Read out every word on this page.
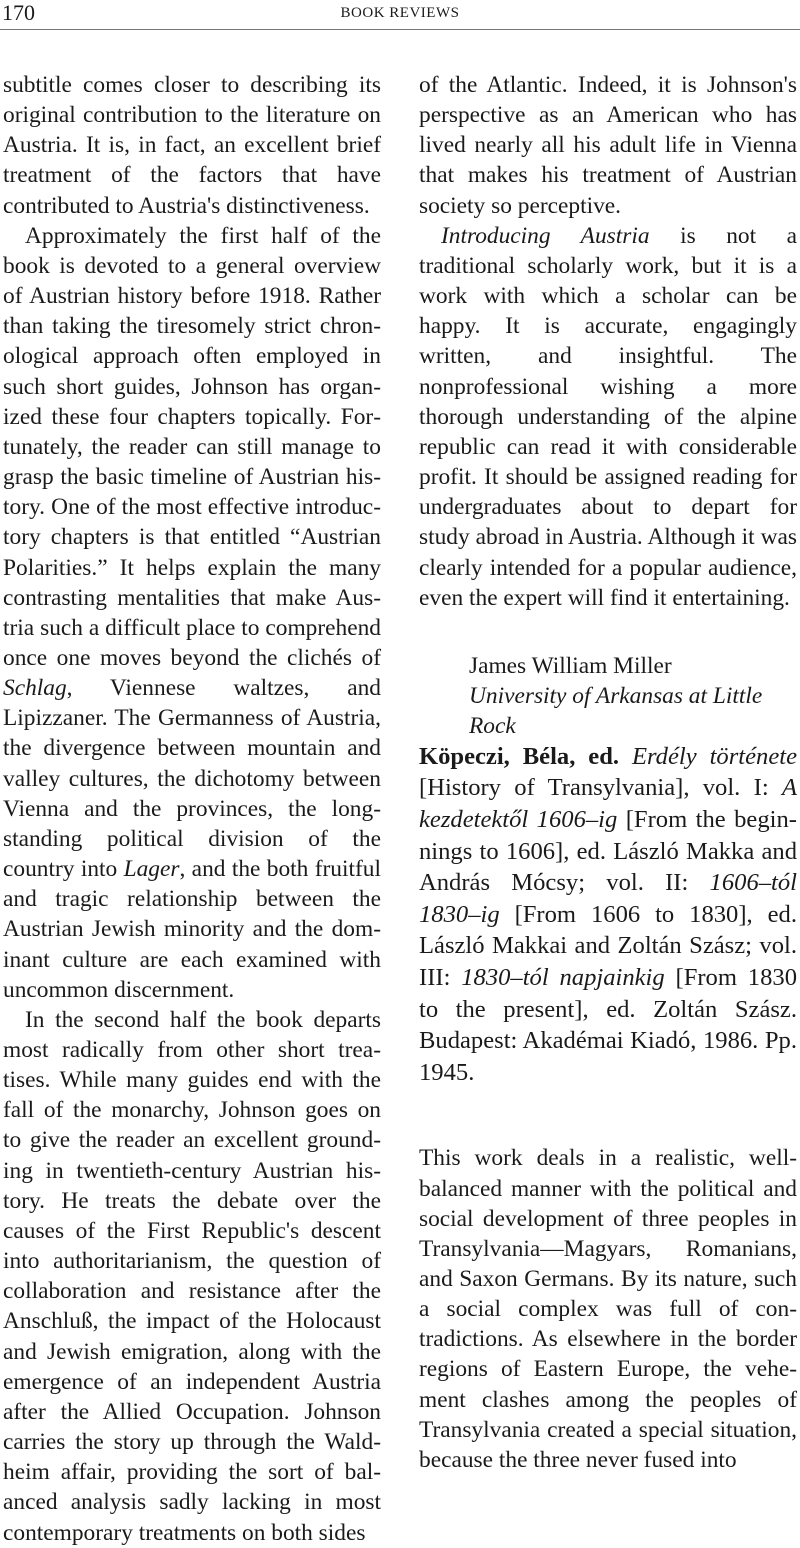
170	BOOK REVIEWS

subtitle comes closer to describing its original contribution to the literature on Austria. It is, in fact, an excellent brief treatment of the factors that have contributed to Austria's distinctiveness.

Approximately the first half of the book is devoted to a general overview of Austrian history before 1918. Rather than taking the tiresomely strict chronological approach often employed in such short guides, Johnson has organized these four chapters topically. Fortunately, the reader can still manage to grasp the basic timeline of Austrian history. One of the most effective introductory chapters is that entitled “Austrian Polarities.” It helps explain the many contrasting mentalities that make Austria such a difficult place to comprehend once one moves beyond the clichés of Schlag, Viennese waltzes, and Lipizzaner. The Germanness of Austria, the divergence between mountain and valley cultures, the dichotomy between Vienna and the provinces, the long-standing political division of the country into Lager, and the both fruitful and tragic relationship between the Austrian Jewish minority and the dominant culture are each examined with uncommon discernment.

In the second half the book departs most radically from other short treatises. While many guides end with the fall of the monarchy, Johnson goes on to give the reader an excellent grounding in twentieth-century Austrian history. He treats the debate over the causes of the First Republic's descent into authoritarianism, the question of collaboration and resistance after the Anschluß, the impact of the Holocaust and Jewish emigration, along with the emergence of an independent Austria after the Allied Occupation. Johnson carries the story up through the Waldheim affair, providing the sort of balanced analysis sadly lacking in most contemporary treatments on both sides

of the Atlantic. Indeed, it is Johnson's perspective as an American who has lived nearly all his adult life in Vienna that makes his treatment of Austrian society so perceptive.

Introducing Austria is not a traditional scholarly work, but it is a work with which a scholar can be happy. It is accurate, engagingly written, and insightful. The nonprofessional wishing a more thorough understanding of the alpine republic can read it with considerable profit. It should be assigned reading for undergraduates about to depart for study abroad in Austria. Although it was clearly intended for a popular audience, even the expert will find it entertaining.

James William Miller
University of Arkansas at Little Rock

Köpeczi, Béla, ed. Erdély története [History of Transylvania], vol. I: A kezdetektől 1606–ig [From the beginnings to 1606], ed. László Makka and András Mócsy; vol. II: 1606–tól 1830–ig [From 1606 to 1830], ed. László Makkai and Zoltán Szász; vol. III: 1830–tól napjainkig [From 1830 to the present], ed. Zoltán Szász. Budapest: Akadémai Kiadó, 1986. Pp. 1945.

This work deals in a realistic, well-balanced manner with the political and social development of three peoples in Transylvania—Magyars, Romanians, and Saxon Germans. By its nature, such a social complex was full of contradictions. As elsewhere in the border regions of Eastern Europe, the vehement clashes among the peoples of Transylvania created a special situation, because the three never fused into
